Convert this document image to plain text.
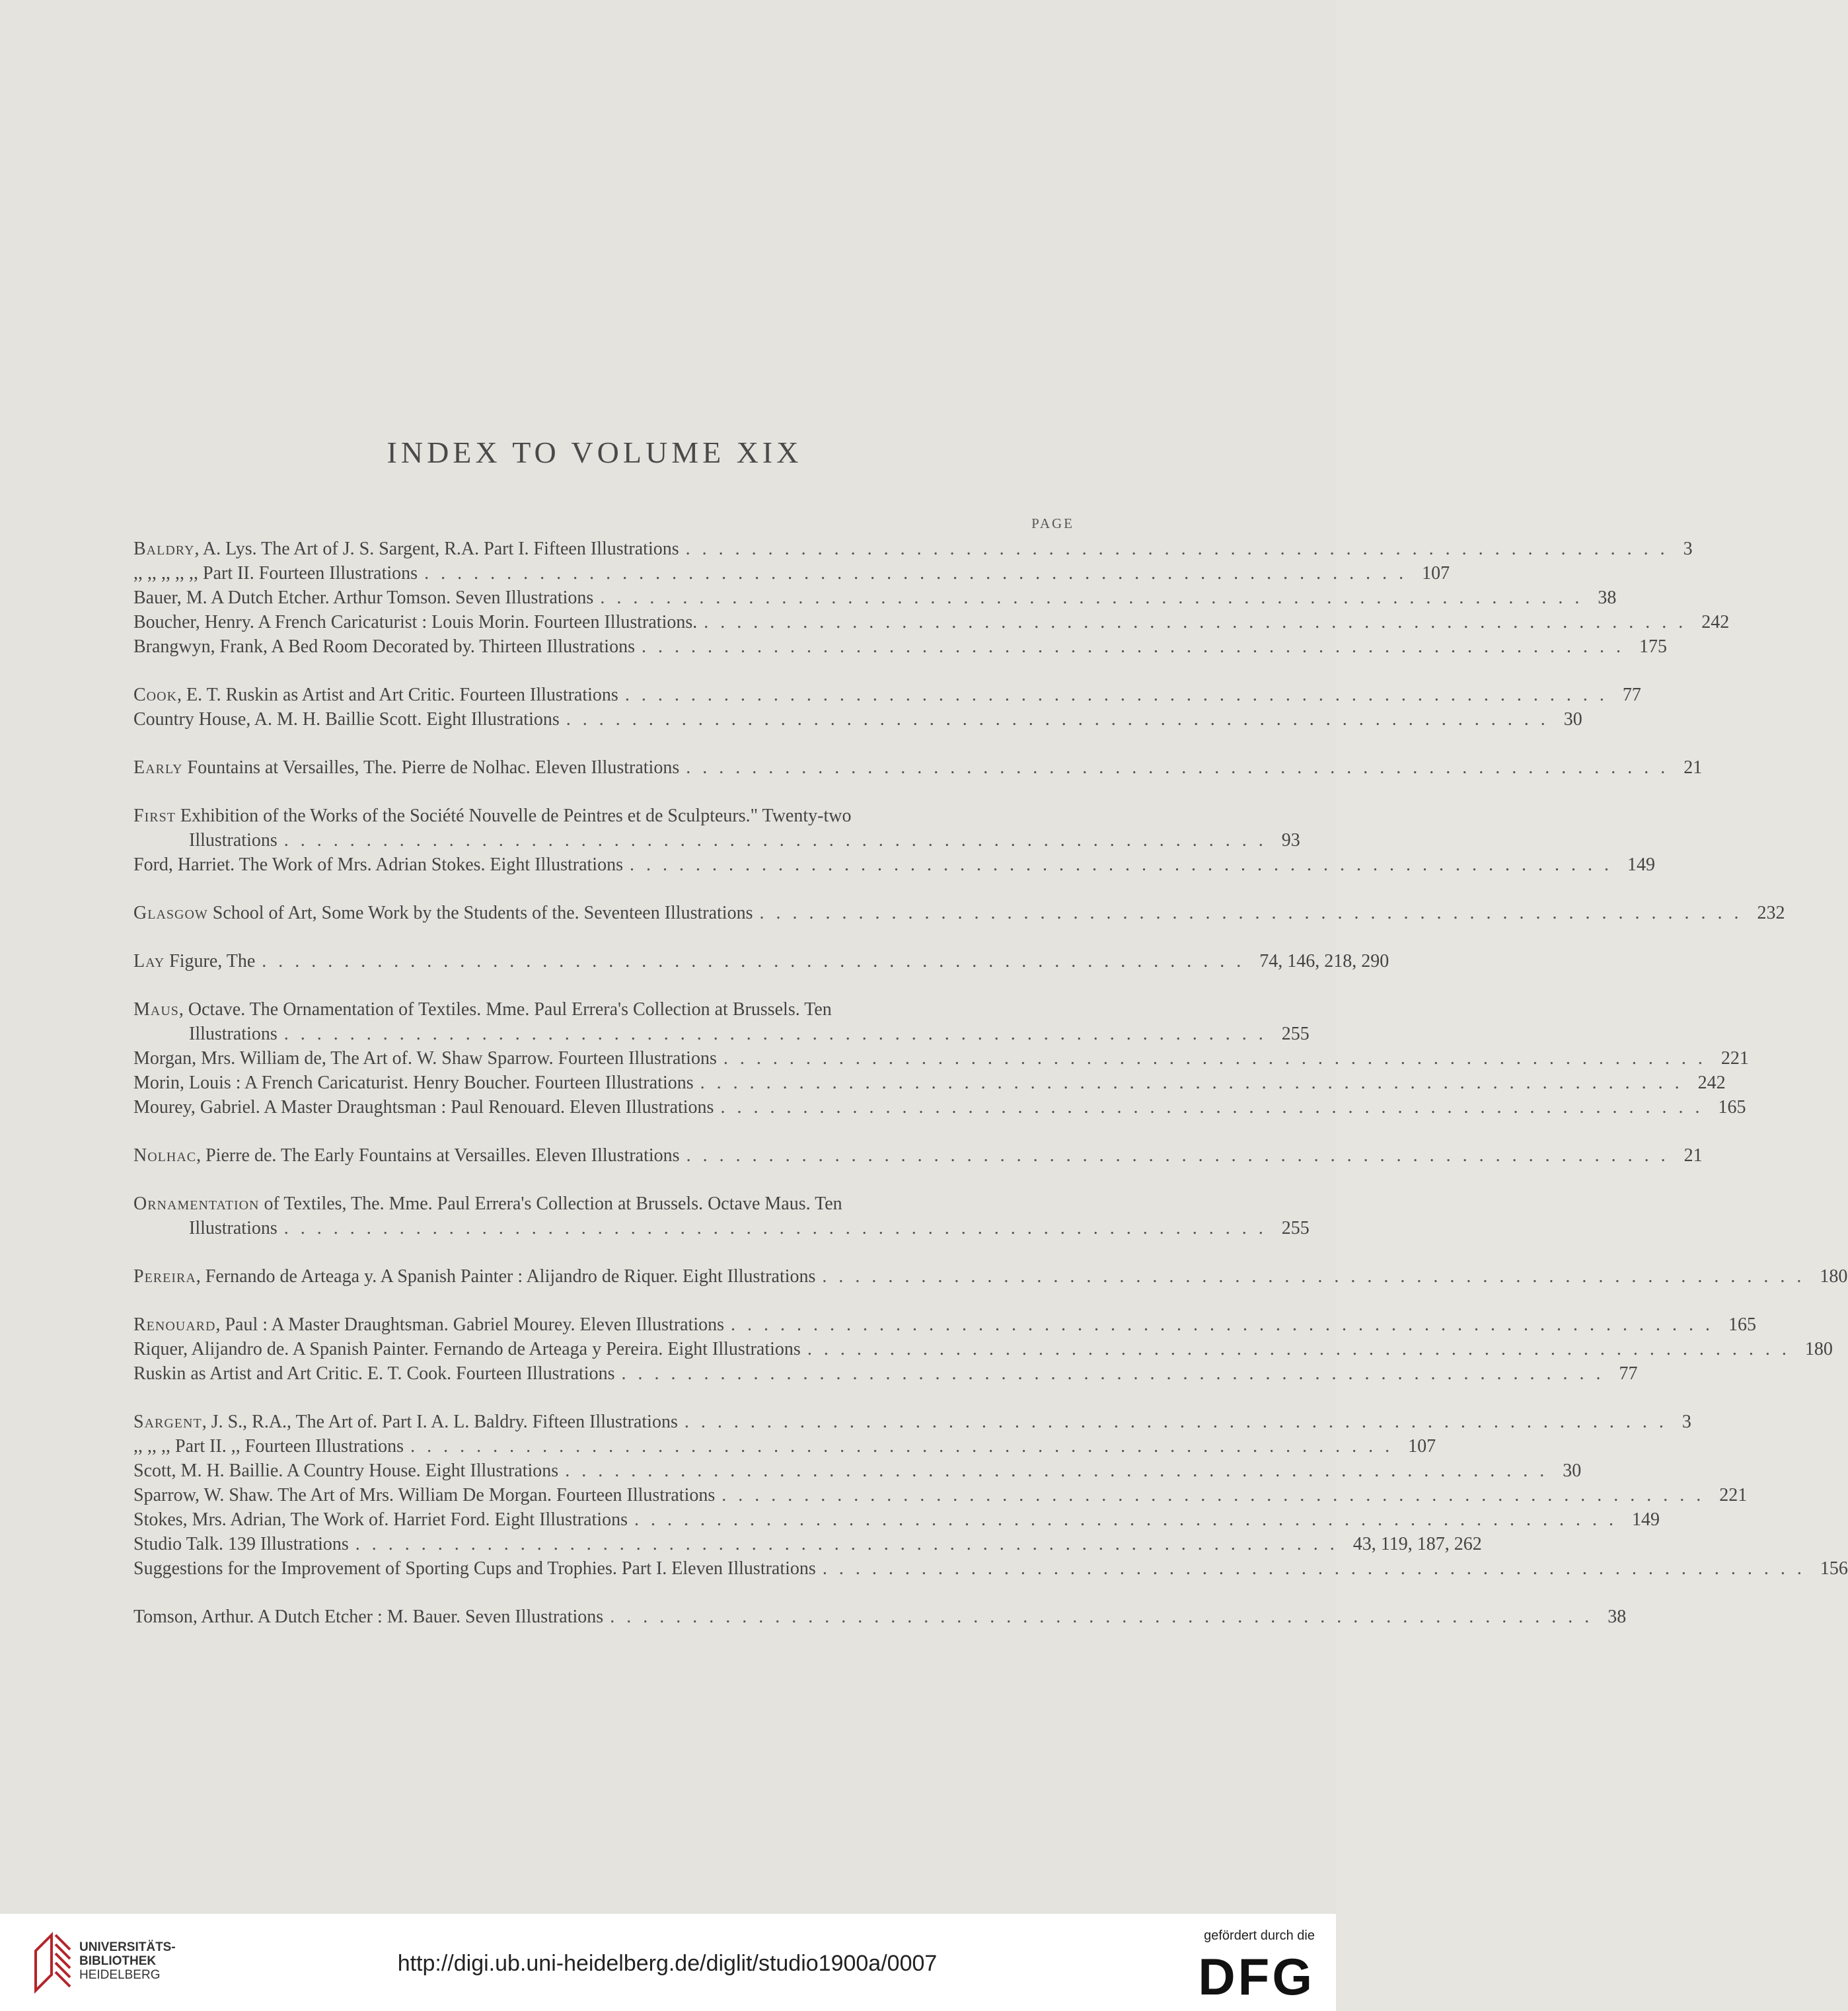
INDEX TO VOLUME XIX
PAGE
Baldry, A. Lys. The Art of J. S. Sargent, R.A. Part I. Fifteen Illustrations ............................................................ 3
,, ,, ,, ,, ,, Part II. Fourteen Illustrations ............................................................ 107
Bauer, M. A Dutch Etcher. Arthur Tomson. Seven Illustrations ............................................................ 38
Boucher, Henry. A French Caricaturist : Louis Morin. Fourteen Illustrations. ............................................................ 242
Brangwyn, Frank, A Bed Room Decorated by. Thirteen Illustrations ............................................................ 175
Cook, E. T. Ruskin as Artist and Art Critic. Fourteen Illustrations ............................................................ 77
Country House, A. M. H. Baillie Scott. Eight Illustrations ............................................................ 30
Early Fountains at Versailles, The. Pierre de Nolhac. Eleven Illustrations ............................................................ 21
First Exhibition of the Works of the Société Nouvelle de Peintres et de Sculpteurs." Twenty-two
Illustrations ............................................................ 93
Ford, Harriet. The Work of Mrs. Adrian Stokes. Eight Illustrations ............................................................ 149
Glasgow School of Art, Some Work by the Students of the. Seventeen Illustrations ............................................................ 232
Lay Figure, The ............................................................ 74, 146, 218, 290
Maus, Octave. The Ornamentation of Textiles. Mme. Paul Errera's Collection at Brussels. Ten
Illustrations ............................................................ 255
Morgan, Mrs. William de, The Art of. W. Shaw Sparrow. Fourteen Illustrations ............................................................ 221
Morin, Louis : A French Caricaturist. Henry Boucher. Fourteen Illustrations ............................................................ 242
Mourey, Gabriel. A Master Draughtsman : Paul Renouard. Eleven Illustrations ............................................................ 165
Nolhac, Pierre de. The Early Fountains at Versailles. Eleven Illustrations ............................................................ 21
Ornamentation of Textiles, The. Mme. Paul Errera's Collection at Brussels. Octave Maus. Ten
Illustrations ............................................................ 255
Pereira, Fernando de Arteaga y. A Spanish Painter : Alijandro de Riquer. Eight Illustrations ............................................................ 180
Renouard, Paul : A Master Draughtsman. Gabriel Mourey. Eleven Illustrations ............................................................ 165
Riquer, Alijandro de. A Spanish Painter. Fernando de Arteaga y Pereira. Eight Illustrations ............................................................ 180
Ruskin as Artist and Art Critic. E. T. Cook. Fourteen Illustrations ............................................................ 77
Sargent, J. S., R.A., The Art of. Part I. A. L. Baldry. Fifteen Illustrations ............................................................ 3
,, ,, ,, Part II. ,, Fourteen Illustrations ............................................................ 107
Scott, M. H. Baillie. A Country House. Eight Illustrations ............................................................ 30
Sparrow, W. Shaw. The Art of Mrs. William De Morgan. Fourteen Illustrations ............................................................ 221
Stokes, Mrs. Adrian, The Work of. Harriet Ford. Eight Illustrations ............................................................ 149
Studio Talk. 139 Illustrations ............................................................ 43, 119, 187, 262
Suggestions for the Improvement of Sporting Cups and Trophies. Part I. Eleven Illustrations ............................................................ 156
Tomson, Arthur. A Dutch Etcher : M. Bauer. Seven Illustrations ............................................................ 38
UNIVERSITÄTS-
BIBLIOTHEK
HEIDELBERG	http://digi.ub.uni-heidelberg.de/diglit/studio1900a/0007
gefördert durch die
DFG
